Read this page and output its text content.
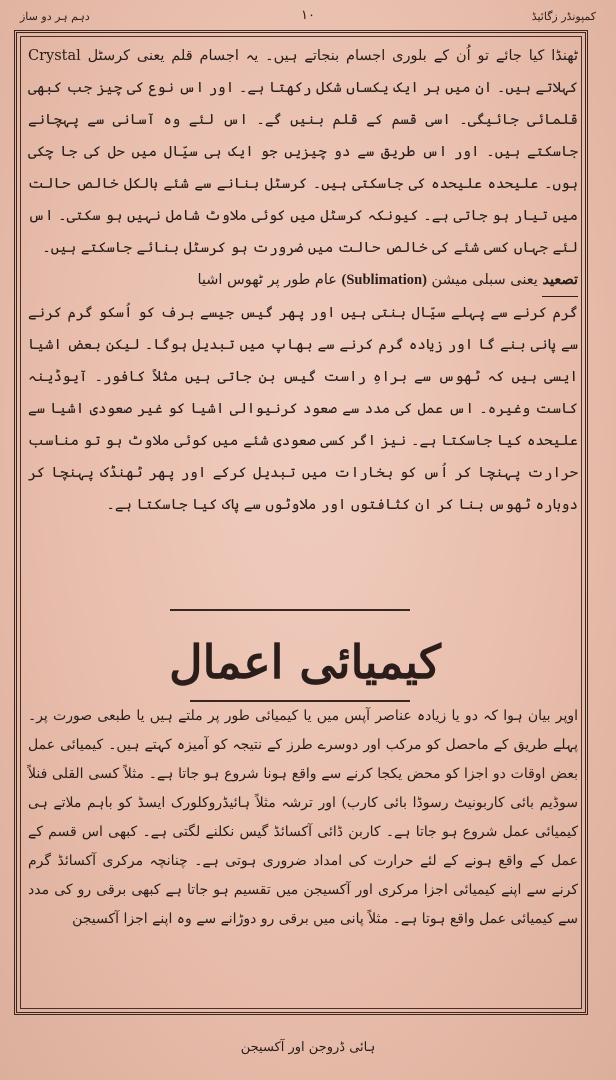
کمپونڈر زگائیڈ
۱۰
دہم ہر دو ساز

ٹھنڈا کیا جائے تو اُن کے بلوری اجسام بنجاتے ہیں۔ یہ اجسام قلم یعنی کرسٹل Crystal کہلاتے ہیں۔ ان میں ہر ایک یکساں شکل رکھتا ہے۔ اور اس نوع کی چیز جب کبھی قلمائی جائیگی۔ اسی قسم کے قلم بنیں گے۔ اس لئے وہ آسانی سے پہچانے جاسکتے ہیں۔ اور اس طریق سے دو چیزیں جو ایک ہی سیّال میں حل کی جا چکی ہوں۔ علیحدہ علیحدہ کی جاسکتی ہیں۔ کرسٹل بنانے سے شئے بالکل خالص حالت میں تیار ہو جاتی ہے۔ کیونکہ کرسٹل میں کوئی ملاوٹ شامل نہیں ہو سکتی۔ اس لئے جہاں کسی شئے کی خالص حالت میں ضرورت ہو کرسٹل بنائے جاسکتے ہیں۔

تصعید یعنی سبلی میشن (Sublimation) عام طور پر ٹھوس اشیا

گرم کرنے سے پہلے سیّال بنتی ہیں اور پھر گیس جیسے برف کو اُسکو گرم کرنے سے پانی بنے گا اور زیادہ گرم کرنے سے بھاپ میں تبدیل ہوگا۔ لیکن بعض اشیا ایسی ہیں کہ ٹھوس سے براہِ راست گیس بن جاتی ہیں مثلاً کافور۔ آیوڈینہ کاست وغیرہ۔ اس عمل کی مدد سے صعود کرنیوالی اشیا کو غیر صعودی اشیا سے علیحدہ کیا جاسکتا ہے۔ نیز اگر کسی صعودی شئے میں کوئی ملاوٹ ہو تو مناسب حرارت پہنچا کر اُس کو بخارات میں تبدیل کرکے اور پھر ٹھنڈک پہنچا کر دوبارہ ٹھوس بنا کر ان کثافتوں اور ملاوٹوں سے پاک کیا جاسکتا ہے۔

کیمیائی اعمال

اوپر بیان ہوا کہ دو یا زیادہ عناصر آپس میں یا کیمیائی طور پر ملتے ہیں یا طبعی صورت پر۔ پہلے طریق کے ماحصل کو مرکب اور دوسرے طرز کے نتیجہ کو آمیزہ کہتے ہیں۔ کیمیائی عمل بعض اوقات دو اجزا کو محض یکجا کرنے سے واقع ہونا شروع ہو جاتا ہے۔ مثلاً کسی القلی فنلاً سوڈیم بائی کاربونیٹ رسوڈا بائی کارب) اور ترشہ مثلاً ہائیڈروکلورک ایسڈ کو باہم ملاتے ہی کیمیائی عمل شروع ہو جاتا ہے۔ کاربن ڈائی آکسائڈ گیس نکلنے لگتی ہے۔ کبھی اس قسم کے عمل کے واقع ہونے کے لئے حرارت کی امداد ضروری ہوتی ہے۔ چنانچہ مرکری آکسائڈ گرم کرنے سے اپنے کیمیائی اجزا مرکری اور آکسیجن میں تقسیم ہو جاتا ہے کبھی برقی رو کی مدد سے کیمیائی عمل واقع ہوتا ہے۔ مثلاً پانی میں برقی رو دوڑانے سے وہ اپنے اجزا آکسیجن

ہائی ڈروجن اور آکسیجن
